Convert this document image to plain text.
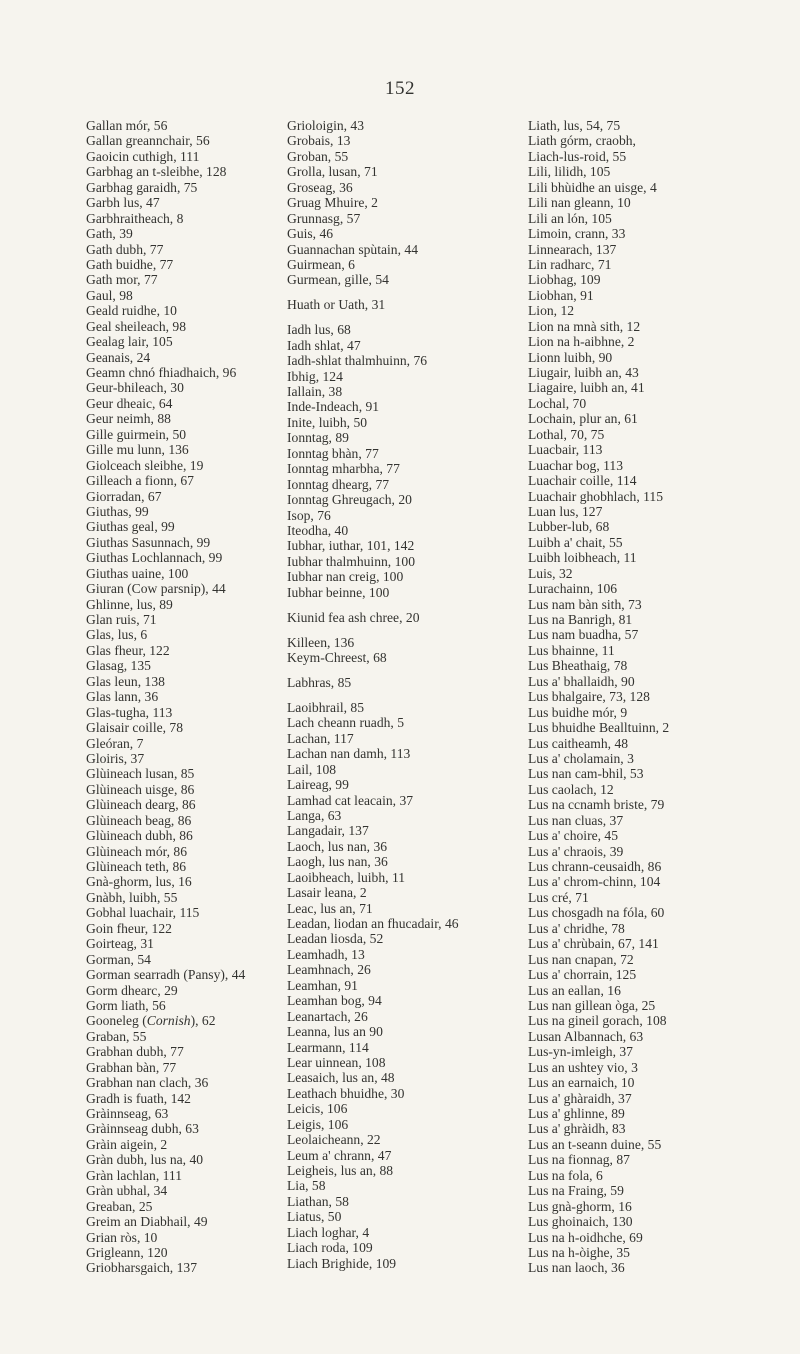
152
Gallan mór, 56
Gallan greannchair, 56
Gaoicin cuthigh, 111
Garbhag an t-sleibhe, 128
Garbhag garaidh, 75
Garbh lus, 47
Garbhraitheach, 8
Gath, 39
Gath dubh, 77
Gath buidhe, 77
Gath mor, 77
Gaul, 98
Geald ruidhe, 10
Geal sheileach, 98
Gealag lair, 105
Geanais, 24
Geamn chnó fhiadhaich, 96
Geur-bhileach, 30
Geur dheaic, 64
Geur neimh, 88
Gille guirmein, 50
Gille mu lunn, 136
Giolceach sleibhe, 19
Gilleach a fionn, 67
Giorradan, 67
Giuthas, 99
Giuthas geal, 99
Giuthas Sasunnach, 99
Giuthas Lochlannach, 99
Giuthas uaine, 100
Giuran (Cow parsnip), 44
Ghlinne, lus, 89
Glan ruis, 71
Glas, lus, 6
Glas fheur, 122
Glasag, 135
Glas leun, 138
Glas lann, 36
Glas-tugha, 113
Glaisair coille, 78
Gleóran, 7
Gloiris, 37
Glùineach lusan, 85
Glùineach uisge, 86
Glùineach dearg, 86
Glùineach beag, 86
Glùineach dubh, 86
Glùineach mór, 86
Glùineach teth, 86
Gnà-ghorm, lus, 16
Gnàbh, luibh, 55
Gobhal luachair, 115
Goin fheur, 122
Goirteag, 31
Gorman, 54
Gorman searradh (Pansy), 44
Gorm dhearc, 29
Gorm liath, 56
Gooneleg (Cornish), 62
Graban, 55
Grabhan dubh, 77
Grabhan bàn, 77
Grabhan nan clach, 36
Gradh is fuath, 142
Gràinnseag, 63
Gràinnseag dubh, 63
Gràin aigein, 2
Gràn dubh, lus na, 40
Gràn lachlan, 111
Gràn ubhal, 34
Greaban, 25
Greim an Diabhail, 49
Grian ròs, 10
Grigleann, 120
Griobharsgaich, 137
Grioloigin, 43
Grobais, 13
Groban, 55
Grolla, lusan, 71
Groseag, 36
Gruag Mhuire, 2
Grunnasg, 57
Guis, 46
Guannachan spùtain, 44
Guirmean, 6
Gurmean, gille, 54
Huath or Uath, 31
Iadh lus, 68
Iadh shlat, 47
Iadh-shlat thalmhuinn, 76
Ibhig, 124
Iallain, 38
Inde-Indeach, 91
Inite, luibh, 50
Ionntag, 89
Ionntag bhàn, 77
Ionntag mharbha, 77
Ionntag dhearg, 77
Ionntag Ghreugach, 20
Isop, 76
Iteodha, 40
Iubhar, iuthar, 101, 142
Iubhar thalmhuinn, 100
Iubhar nan creig, 100
Iubhar beinne, 100
Kiunid fea ash chree, 20
Killeen, 136
Keym-Chreest, 68
Labhras, 85
Laoibhrail, 85
Lach cheann ruadh, 5
Lachan, 117
Lachan nan damh, 113
Lail, 108
Laireag, 99
Lamhad cat leacain, 37
Langa, 63
Langadair, 137
Laoch, lus nan, 36
Laogh, lus nan, 36
Laoibheach, luibh, 11
Lasair leana, 2
Leac, lus an, 71
Leadan, liodan an fhucadair, 46
Leadan liosda, 52
Leamhadh, 13
Leamhnach, 26
Leamhan, 91
Leamhan bog, 94
Leanartach, 26
Leanna, lus an 90
Learmann, 114
Lear uinnean, 108
Leasaich, lus an, 48
Leathach bhuidhe, 30
Leicis, 106
Leigis, 106
Leolaicheann, 22
Leum a' chrann, 47
Leigheis, lus an, 88
Lia, 58
Liathan, 58
Liatus, 50
Liach loghar, 4
Liach roda, 109
Liach Brighide, 109
Liath, lus, 54, 75
Liath górm, craobh,
Liach-lus-roid, 55
Lili, lilidh, 105
Lili bhùidhe an uisge, 4
Lili nan gleann, 10
Lili an lón, 105
Limoin, crann, 33
Linnearach, 137
Lin radharc, 71
Liobhag, 109
Liobhan, 91
Lion, 12
Lion na mnà sith, 12
Lion na h-aibhne, 2
Lionn luibh, 90
Liugair, luibh an, 43
Liagaire, luibh an, 41
Lochal, 70
Lochain, plur an, 61
Lothal, 70, 75
Luacbair, 113
Luachar bog, 113
Luachair coille, 114
Luachair ghobhlach, 115
Luan lus, 127
Lubber-lub, 68
Luibh a' chait, 55
Luibh loibheach, 11
Luis, 32
Lurachainn, 106
Lus nam bàn sith, 73
Lus na Banrigh, 81
Lus nam buadha, 57
Lus bhainne, 11
Lus Bheathaig, 78
Lus a' bhallaidh, 90
Lus bhalgaire, 73, 128
Lus buidhe mór, 9
Lus bhuidhe Bealltuinn, 2
Lus caitheamh, 48
Lus a' cholamain, 3
Lus nan cam-bhil, 53
Lus caolach, 12
Lus na ccnamh briste, 79
Lus nan cluas, 37
Lus a' choire, 45
Lus a' chraois, 39
Lus chrann-ceusaidh, 86
Lus a' chrom-chinn, 104
Lus cré, 71
Lus chosgadh na fóla, 60
Lus a' chridhe, 78
Lus a' chrùbain, 67, 141
Lus nan cnapan, 72
Lus a' chorrain, 125
Lus an eallan, 16
Lus nan gillean òga, 25
Lus na gineil gorach, 108
Lusan Albannach, 63
Lus-yn-imleigh, 37
Lus an ushtey vio, 3
Lus an earnaich, 10
Lus a' ghàraidh, 37
Lus a' ghlinne, 89
Lus a' ghràidh, 83
Lus an t-seann duine, 55
Lus na fionnag, 87
Lus na fola, 6
Lus na Fraing, 59
Lus gnà-ghorm, 16
Lus ghoinaich, 130
Lus na h-oidhche, 69
Lus na h-òighe, 35
Lus nan laoch, 36
